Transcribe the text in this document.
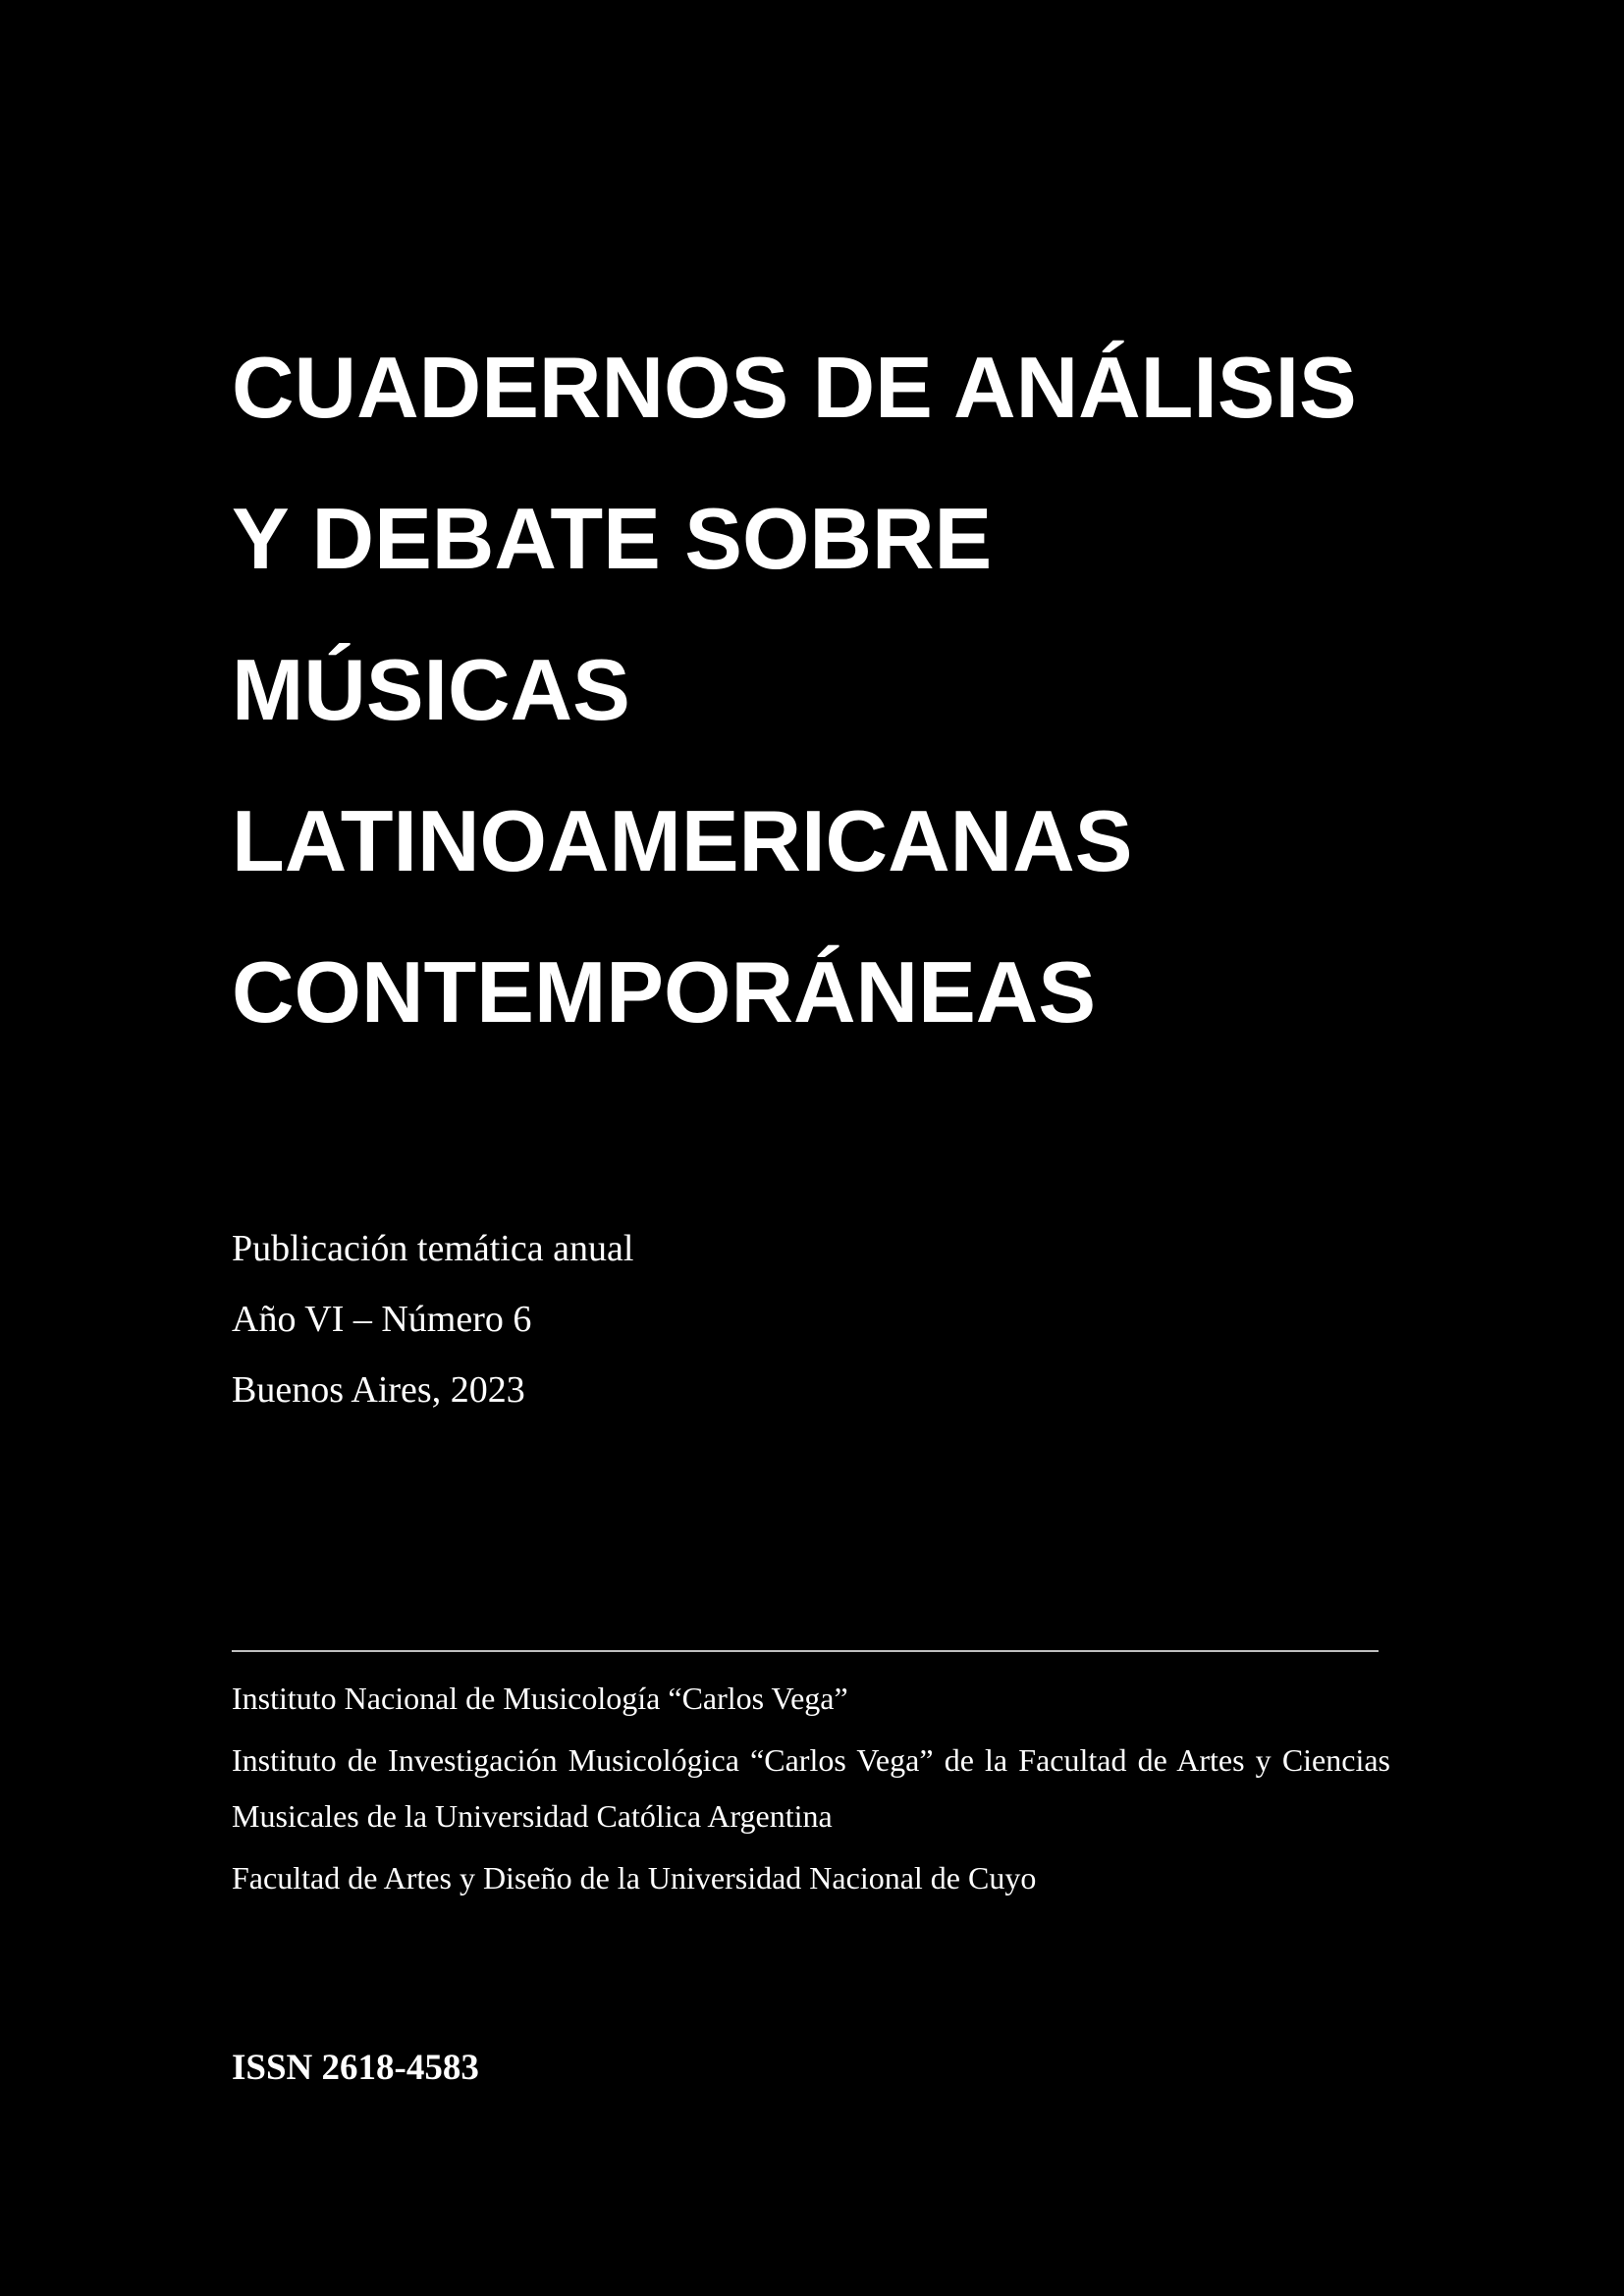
CUADERNOS DE ANÁLISIS
Y DEBATE SOBRE
MÚSICAS
LATINOAMERICANAS
CONTEMPORÁNEAS
Publicación temática anual
Año VI – Número 6
Buenos Aires, 2023
Instituto Nacional de Musicología “Carlos Vega”
Instituto de Investigación Musicológica “Carlos Vega” de la Facultad de Artes y Ciencias Musicales de la Universidad Católica Argentina
Facultad de Artes y Diseño de la Universidad Nacional de Cuyo
ISSN 2618-4583
